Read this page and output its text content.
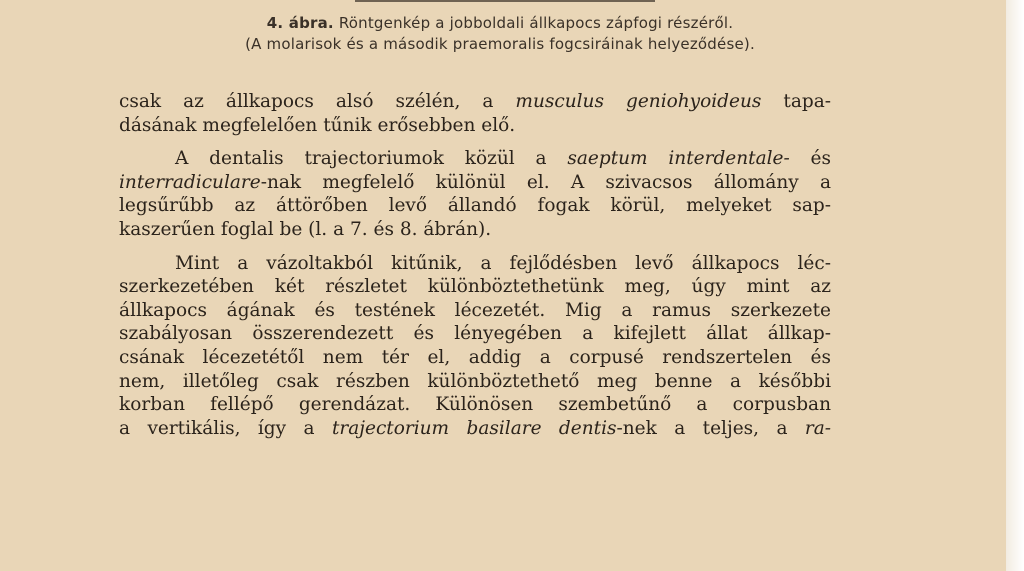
4. ábra. Röntgenkép a jobboldali állkapocs zápfogi részéről.
(A molarisok és a második praemoralis fogcsiráinak helyeződése).
csak az állkapocs alsó szélén, a musculus geniohyoideus tapa-
dásának megfelelően tűnik erősebben elő.
A dentalis trajectoriumok közül a saeptum interdentale- és
interradiculare-nak megfelelő különül el. A szivacsos állomány a
legsűrűbb az áttörőben levő állandó fogak körül, melyeket sap-
kaszerűen foglal be (l. a 7. és 8. ábrán).
Mint a vázoltakból kitűnik, a fejlődésben levő állkapocs léc-
szerkezetében két részletet különböztethetünk meg, úgy mint az
állkapocs ágának és testének lécezetét. Mig a ramus szerkezete
szabályosan összerendezett és lényegében a kifejlett állat állkap-
csának lécezetétől nem tér el, addig a corpusé rendszertelen és
nem, illetőleg csak részben különböztethető meg benne a későbbi
korban fellépő gerendázat. Különösen szembetűnő a corpusban
a vertikális, így a trajectorium basilare dentis-nek a teljes, a ra-
